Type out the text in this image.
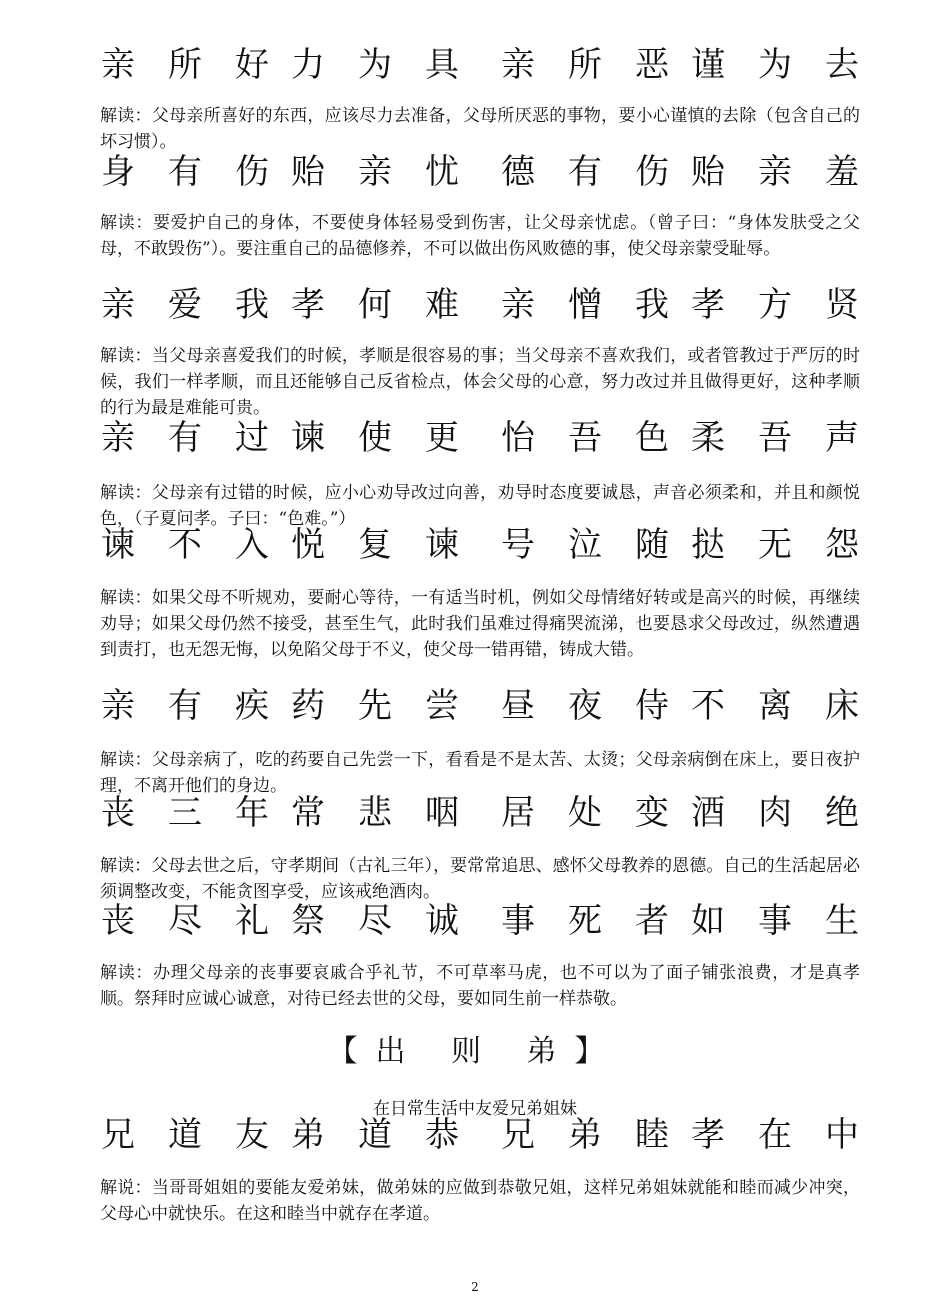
亲 所 好 力 为 具 亲 所 恶 谨 为 去
解读：父母亲所喜好的东西，应该尽力去准备，父母所厌恶的事物，要小心谨慎的去除（包含自己的坏习惯）。
身 有 伤 贻 亲 忧 德 有 伤 贻 亲 羞
解读：要爱护自己的身体，不要使身体轻易受到伤害，让父母亲忧虑。（曾子曰：“身体发肤受之父母，不敢毁伤”）。要注重自己的品德修养，不可以做出伤风败德的事，使父母亲蒙受耻辱。
亲 爱 我 孝 何 难 亲 憎 我 孝 方 贤
解读：当父母亲喜爱我们的时候，孝顺是很容易的事；当父母亲不喜欢我们，或者管教过于严厉的时候，我们一样孝顺，而且还能够自己反省检点，体会父母的心意，努力改过并且做得更好，这种孝顺的行为最是难能可贵。
亲 有 过 谏 使 更 怡 吾 色 柔 吾 声
解读：父母亲有过错的时候，应小心劝导改过向善，劝导时态度要诚恳，声音必须柔和，并且和颜悦色，（子夏问孝。子曰：“色难。”）
谏 不 入 悦 复 谏 号 泣 随 挞 无 怨
解读：如果父母不听规劝，要耐心等待，一有适当时机，例如父母情绪好转或是高兴的时候，再继续劝导；如果父母仍然不接受，甚至生气，此时我们虽难过得痛哭流涕，也要恳求父母改过，纵然遭遇到责打，也无怨无悔，以免陷父母于不义，使父母一错再错，铸成大错。
亲 有 疾 药 先 尝 昼 夜 侍 不 离 床
解读：父母亲病了，吃的药要自己先尝一下，看看是不是太苦、太烫；父母亲病倒在床上，要日夜护理，不离开他们的身边。
丧 三 年 常 悲 咽 居 处 变 酒 肉 绝
解读：父母去世之后，守孝期间（古礼三年），要常常追思、感怀父母教养的恩德。自己的生活起居必须调整改变，不能贪图享受，应该戒绝酒肉。
丧 尽 礼 祭 尽 诚 事 死 者 如 事 生
解读：办理父母亲的丧事要哀戚合乎礼节，不可草率马虎，也不可以为了面子铺张浪费，才是真孝顺。祭拜时应诚心诚意，对待已经去世的父母，要如同生前一样恭敬。
【出 则 弟】
在日常生活中友爱兄弟姐妹
兄 道 友 弟 道 恭 兄 弟 睦 孝 在 中
解说：当哥哥姐姐的要能友爱弟妹，做弟妹的应做到恭敬兄姐，这样兄弟姐妹就能和睦而减少冲突，父母心中就快乐。在这和睦当中就存在孝道。
2
